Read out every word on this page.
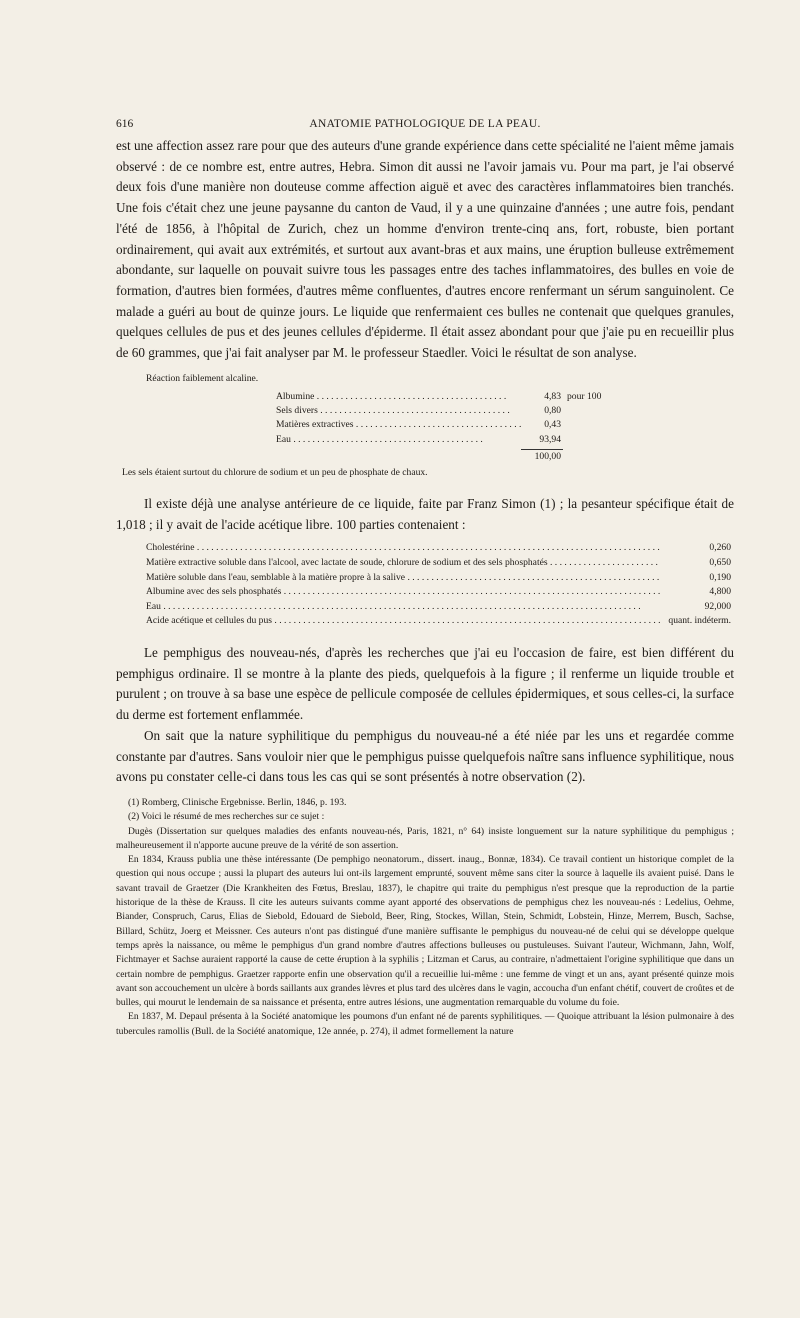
616	ANATOMIE PATHOLOGIQUE DE LA PEAU.

est une affection assez rare pour que des auteurs d'une grande expérience dans cette spécialité ne l'aient même jamais observé : de ce nombre est, entre autres, Hebra. Simon dit aussi ne l'avoir jamais vu. Pour ma part, je l'ai observé deux fois d'une manière non douteuse comme affection aiguë et avec des caractères inflammatoires bien tranchés. Une fois c'était chez une jeune paysanne du canton de Vaud, il y a une quinzaine d'années ; une autre fois, pendant l'été de 1856, à l'hôpital de Zurich, chez un homme d'environ trente-cinq ans, fort, robuste, bien portant ordinairement, qui avait aux extrémités, et surtout aux avant-bras et aux mains, une éruption bulleuse extrêmement abondante, sur laquelle on pouvait suivre tous les passages entre des taches inflammatoires, des bulles en voie de formation, d'autres bien formées, d'autres même confluentes, d'autres encore renfermant un sérum sanguinolent. Ce malade a guéri au bout de quinze jours. Le liquide que renfermaient ces bulles ne contenait que quelques granules, quelques cellules de pus et des jeunes cellules d'épiderme. Il était assez abondant pour que j'aie pu en recueillir plus de 60 grammes, que j'ai fait analyser par M. le professeur Staedler. Voici le résultat de son analyse.

Réaction faiblement alcaline.
Albumine . . .	4,83 pour 100
Sels divers . . .	0,80
Matières extractives . . .	0,43
Eau . . .	93,94
100,00
Les sels étaient surtout du chlorure de sodium et un peu de phosphate de chaux.

Il existe déjà une analyse antérieure de ce liquide, faite par Franz Simon (1) ; la pesanteur spécifique était de 1,018 ; il y avait de l'acide acétique libre. 100 parties contenaient :

Cholestérine . . .	0,260
Matière extractive soluble dans l'alcool, avec lactate de soude, chlorure de sodium et des sels phosphatés . . .	0,650
Matière soluble dans l'eau, semblable à la matière propre à la salive . . .	0,190
Albumine avec des sels phosphatés . . .	4,800
Eau . . .	92,000
Acide acétique et cellules du pus . . .	quant. indéterm.

Le pemphigus des nouveau-nés, d'après les recherches que j'ai eu l'occasion de faire, est bien différent du pemphigus ordinaire. Il se montre à la plante des pieds, quelquefois à la figure ; il renferme un liquide trouble et purulent ; on trouve à sa base une espèce de pellicule composée de cellules épidermiques, et sous celles-ci, la surface du derme est fortement enflammée.

On sait que la nature syphilitique du pemphigus du nouveau-né a été niée par les uns et regardée comme constante par d'autres. Sans vouloir nier que le pemphigus puisse quelquefois naître sans influence syphilitique, nous avons pu constater celle-ci dans tous les cas qui se sont présentés à notre observation (2).

(1) Romberg, Clinische Ergebnisse. Berlin, 1846, p. 193.

(2) Voici le résumé de mes recherches sur ce sujet :

Dugès (Dissertation sur quelques maladies des enfants nouveau-nés, Paris, 1821, n° 64) insiste longuement sur la nature syphilitique du pemphigus ; malheureusement il n'apporte aucune preuve de la vérité de son assertion.

En 1834, Krauss publia une thèse intéressante (De pemphigo neonatorum., dissert. inaug., Bonnæ, 1834). Ce travail contient un historique complet de la question qui nous occupe ; aussi la plupart des auteurs lui ont-ils largement emprunté, souvent même sans citer la source à laquelle ils avaient puisé. Dans le savant travail de Graetzer (Die Krankheiten des Fœtus, Breslau, 1837), le chapitre qui traite du pemphigus n'est presque que la reproduction de la partie historique de la thèse de Krauss. Il cite les auteurs suivants comme ayant apporté des observations de pemphigus chez les nouveau-nés : Ledelius, Oehme, Biander, Conspruch, Carus, Elias de Siebold, Edouard de Siebold, Beer, Ring, Stockes, Willan, Stein, Schmidt, Lobstein, Hinze, Merrem, Busch, Sachse, Billard, Schütz, Joerg et Meissner. Ces auteurs n'ont pas distingué d'une manière suffisante le pemphigus du nouveau-né de celui qui se développe quelque temps après la naissance, ou même le pemphigus d'un grand nombre d'autres affections bulleuses ou pustuleuses. Suivant l'auteur, Wichmann, Jahn, Wolf, Fichtmayer et Sachse auraient rapporté la cause de cette éruption à la syphilis ; Litzman et Carus, au contraire, n'admettaient l'origine syphilitique que dans un certain nombre de pemphigus. Graetzer rapporte enfin une observation qu'il a recueillie lui-même : une femme de vingt et un ans, ayant présenté quinze mois avant son accouchement un ulcère à bords saillants aux grandes lèvres et plus tard des ulcères dans le vagin, accoucha d'un enfant chétif, couvert de croûtes et de bulles, qui mourut le lendemain de sa naissance et présenta, entre autres lésions, une augmentation remarquable du volume du foie.

En 1837, M. Depaul présenta à la Société anatomique les poumons d'un enfant né de parents syphilitiques. — Quoique attribuant la lésion pulmonaire à des tubercules ramollis (Bull. de la Société anatomique, 12e année, p. 274), il admet formellement la nature
